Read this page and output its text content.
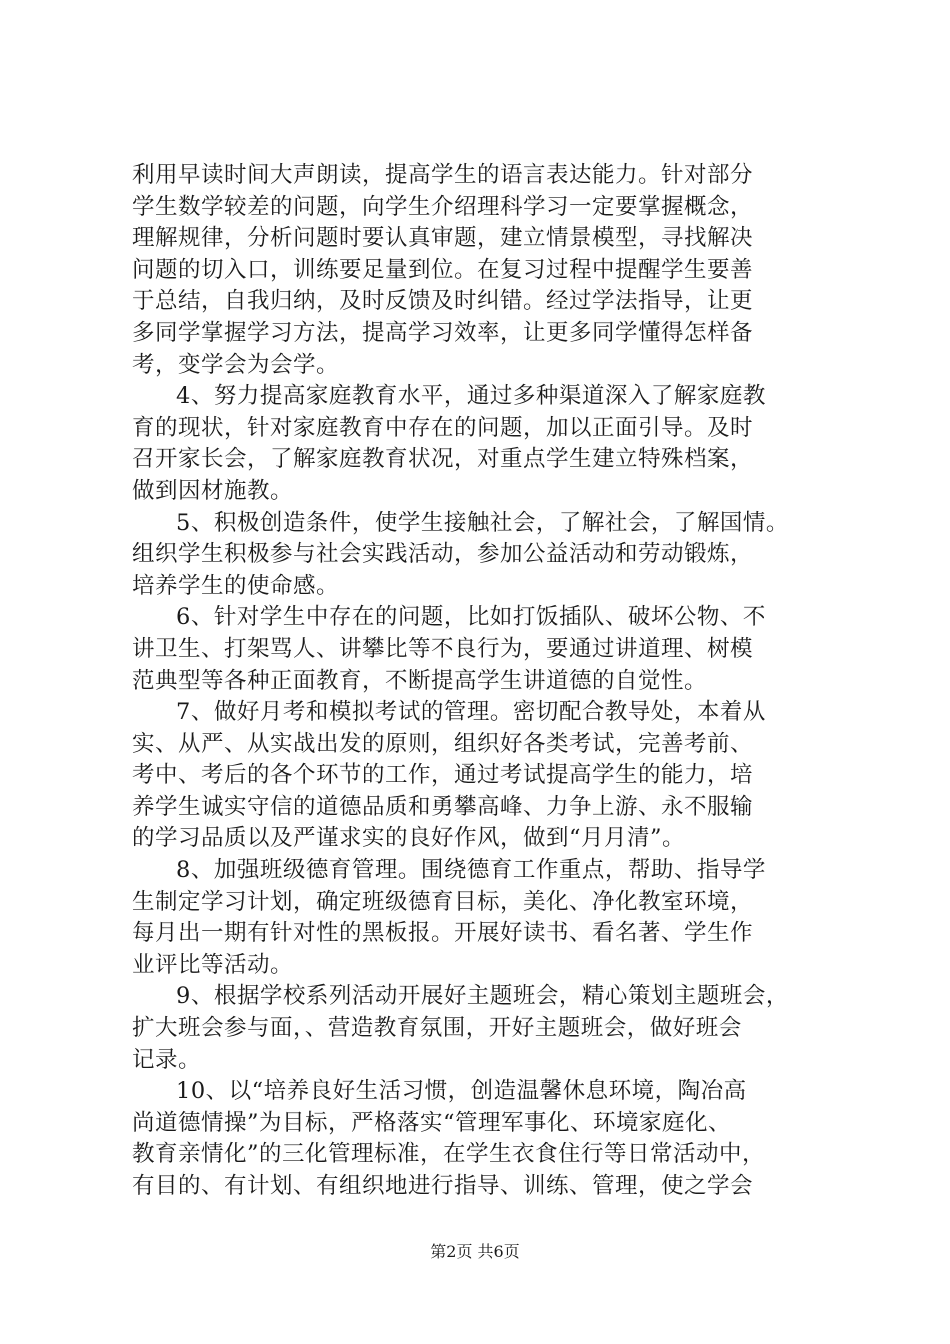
利用早读时间大声朗读，提高学生的语言表达能力。针对部分
学生数学较差的问题，向学生介绍理科学习一定要掌握概念，
理解规律，分析问题时要认真审题，建立情景模型，寻找解决
问题的切入口，训练要足量到位。在复习过程中提醒学生要善
于总结，自我归纳，及时反馈及时纠错。经过学法指导，让更
多同学掌握学习方法，提高学习效率，让更多同学懂得怎样备
考，变学会为会学。
4、努力提高家庭教育水平，通过多种渠道深入了解家庭教
育的现状，针对家庭教育中存在的问题，加以正面引导。及时
召开家长会，了解家庭教育状况，对重点学生建立特殊档案，
做到因材施教。
5、积极创造条件，使学生接触社会，了解社会，了解国情。
组织学生积极参与社会实践活动，参加公益活动和劳动锻炼，
培养学生的使命感。
6、针对学生中存在的问题，比如打饭插队、破坏公物、不
讲卫生、打架骂人、讲攀比等不良行为，要通过讲道理、树模
范典型等各种正面教育，不断提高学生讲道德的自觉性。
7、做好月考和模拟考试的管理。密切配合教导处，本着从
实、从严、从实战出发的原则，组织好各类考试，完善考前、
考中、考后的各个环节的工作，通过考试提高学生的能力，培
养学生诚实守信的道德品质和勇攀高峰、力争上游、永不服输
的学习品质以及严谨求实的良好作风，做到“月月清”。
8、加强班级德育管理。围绕德育工作重点，帮助、指导学
生制定学习计划，确定班级德育目标，美化、净化教室环境，
每月出一期有针对性的黑板报。开展好读书、看名著、学生作
业评比等活动。
9、根据学校系列活动开展好主题班会，精心策划主题班会，
扩大班会参与面，、营造教育氛围，开好主题班会，做好班会
记录。
10、以“培养良好生活习惯，创造温馨休息环境，陶冶高
尚道德情操”为目标，严格落实“管理军事化、环境家庭化、
教育亲情化”的三化管理标准，在学生衣食住行等日常活动中，
有目的、有计划、有组织地进行指导、训练、管理，使之学会
第2页 共6页
